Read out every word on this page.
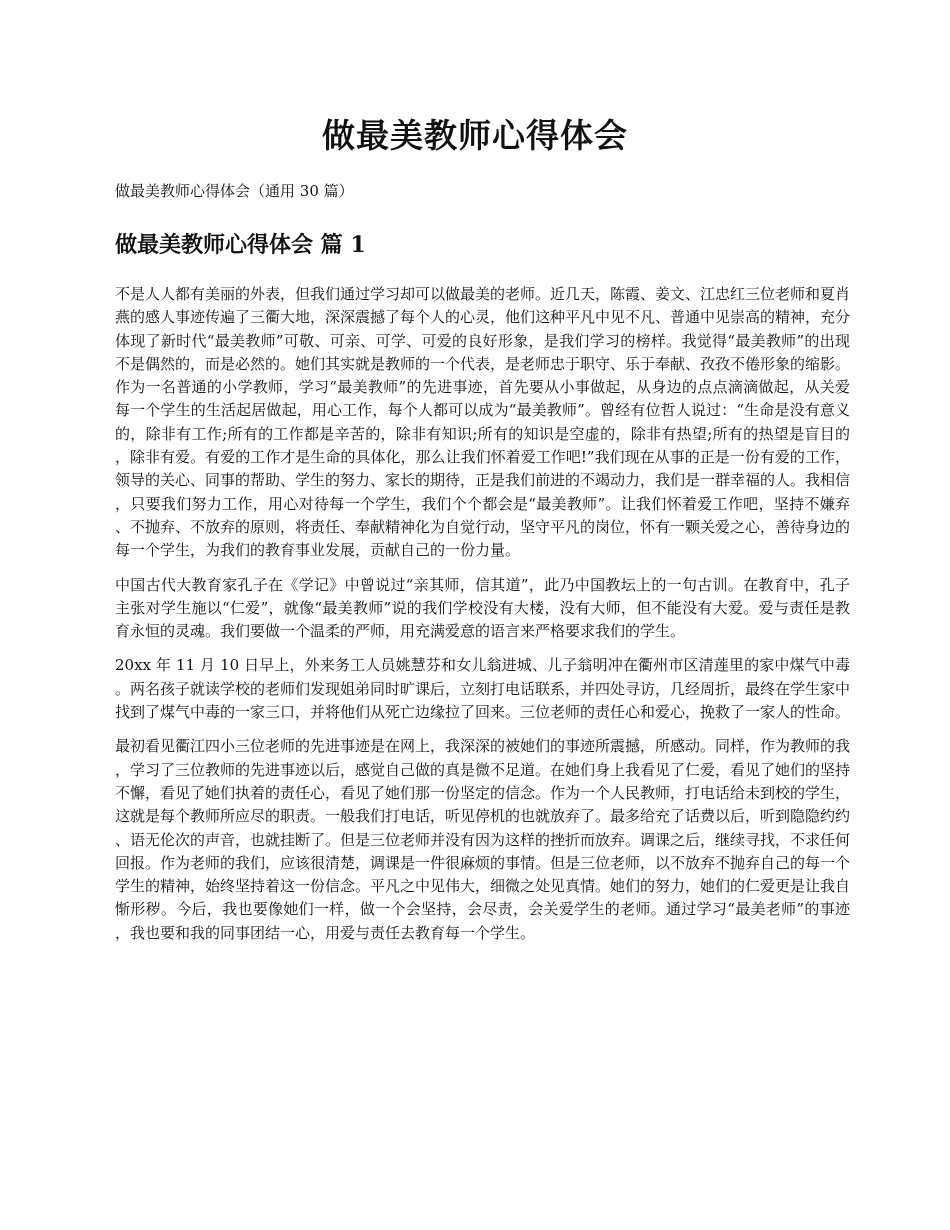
做最美教师心得体会

做最美教师心得体会（通用 30 篇）

做最美教师心得体会 篇 1

不是人人都有美丽的外表，但我们通过学习却可以做最美的老师。近几天，陈霞、姜文、江忠红三位老师和夏肖燕的感人事迹传遍了三衢大地，深深震撼了每个人的心灵，他们这种平凡中见不凡、普通中见崇高的精神，充分体现了新时代“最美教师”可敬、可亲、可学、可爱的良好形象，是我们学习的榜样。我觉得“最美教师”的出现不是偶然的，而是必然的。她们其实就是教师的一个代表，是老师忠于职守、乐于奉献、孜孜不倦形象的缩影。作为一名普通的小学教师，学习“最美教师”的先进事迹，首先要从小事做起，从身边的点点滴滴做起，从关爱每一个学生的生活起居做起，用心工作，每个人都可以成为“最美教师”。曾经有位哲人说过：“生命是没有意义的，除非有工作;所有的工作都是辛苦的，除非有知识;所有的知识是空虚的，除非有热望;所有的热望是盲目的，除非有爱。有爱的工作才是生命的具体化，那么让我们怀着爱工作吧!”我们现在从事的正是一份有爱的工作，领导的关心、同事的帮助、学生的努力、家长的期待，正是我们前进的不竭动力，我们是一群幸福的人。我相信，只要我们努力工作，用心对待每一个学生，我们个个都会是“最美教师”。让我们怀着爱工作吧，坚持不嫌弃、不抛弃、不放弃的原则，将责任、奉献精神化为自觉行动，坚守平凡的岗位，怀有一颗关爱之心，善待身边的每一个学生，为我们的教育事业发展，贡献自己的一份力量。

中国古代大教育家孔子在《学记》中曾说过“亲其师，信其道”，此乃中国教坛上的一句古训。在教育中，孔子主张对学生施以“仁爱”，就像“最美教师”说的我们学校没有大楼，没有大师，但不能没有大爱。爱与责任是教育永恒的灵魂。我们要做一个温柔的严师，用充满爱意的语言来严格要求我们的学生。

20xx 年 11 月 10 日早上，外来务工人员姚慧芬和女儿翁进城、儿子翁明冲在衢州市区清莲里的家中煤气中毒。两名孩子就读学校的老师们发现姐弟同时旷课后，立刻打电话联系，并四处寻访，几经周折，最终在学生家中找到了煤气中毒的一家三口，并将他们从死亡边缘拉了回来。三位老师的责任心和爱心，挽救了一家人的性命。

最初看见衢江四小三位老师的先进事迹是在网上，我深深的被她们的事迹所震撼，所感动。同样，作为教师的我，学习了三位教师的先进事迹以后，感觉自己做的真是微不足道。在她们身上我看见了仁爱，看见了她们的坚持不懈，看见了她们执着的责任心，看见了她们那一份坚定的信念。作为一个人民教师，打电话给未到校的学生，这就是每个教师所应尽的职责。一般我们打电话，听见停机的也就放弃了。最多给充了话费以后，听到隐隐约约、语无伦次的声音，也就挂断了。但是三位老师并没有因为这样的挫折而放弃。调课之后，继续寻找，不求任何回报。作为老师的我们，应该很清楚，调课是一件很麻烦的事情。但是三位老师，以不放弃不抛弃自己的每一个学生的精神，始终坚持着这一份信念。平凡之中见伟大，细微之处见真情。她们的努力，她们的仁爱更是让我自惭形秽。今后，我也要像她们一样，做一个会坚持，会尽责，会关爱学生的老师。通过学习“最美老师”的事迹，我也要和我的同事团结一心，用爱与责任去教育每一个学生。
